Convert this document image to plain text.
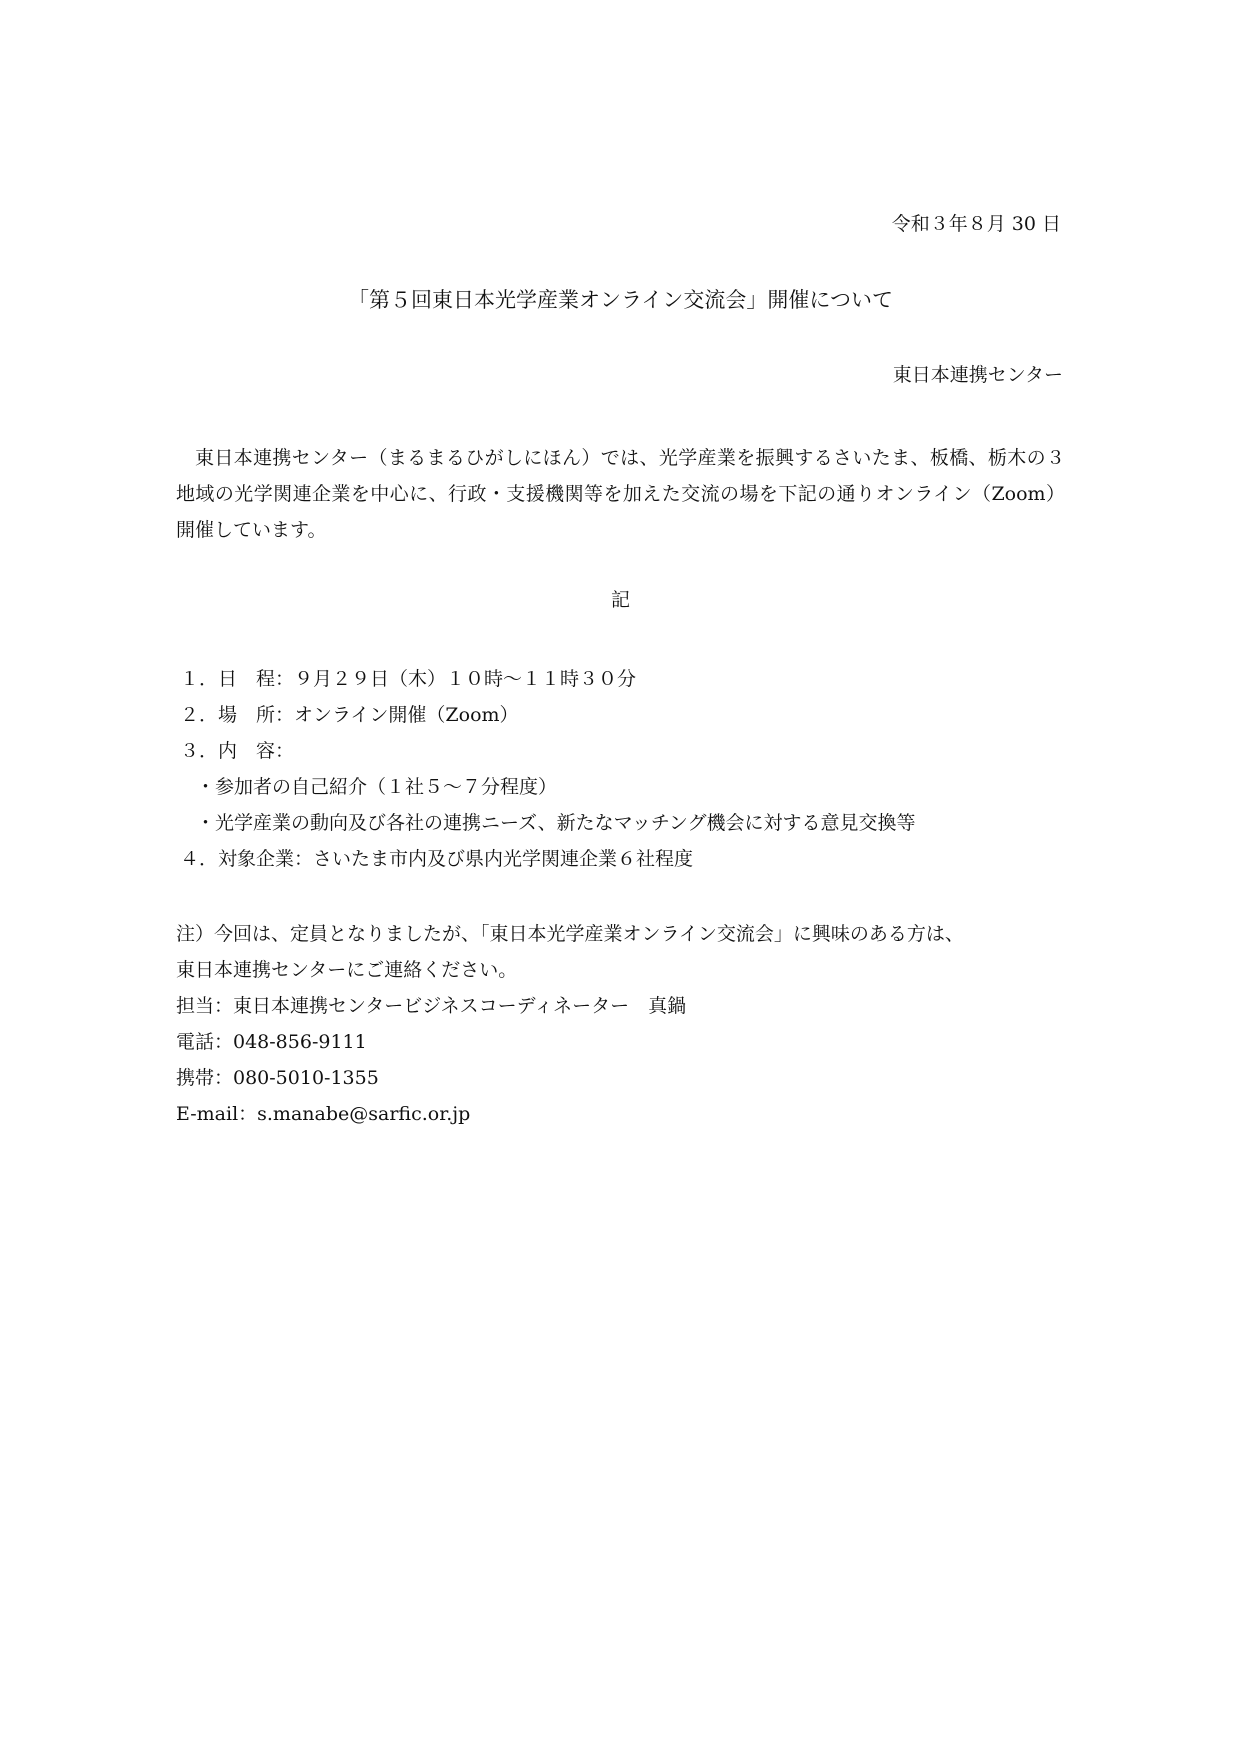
令和３年８月 30 日
「第５回東日本光学産業オンライン交流会」開催について
東日本連携センター
東日本連携センター（まるまるひがしにほん）では、光学産業を振興するさいたま、板橋、栃木の３地域の光学関連企業を中心に、行政・支援機関等を加えた交流の場を下記の通りオンライン（Zoom）開催しています。
記
１．日　程：９月２９日（木）１０時～１１時３０分
２．場　所：オンライン開催（Zoom）
３．内　容：
・参加者の自己紹介（１社５～７分程度）
・光学産業の動向及び各社の連携ニーズ、新たなマッチング機会に対する意見交換等
４．対象企業：さいたま市内及び県内光学関連企業６社程度
注）今回は、定員となりましたが、「東日本光学産業オンライン交流会」に興味のある方は、
東日本連携センターにご連絡ください。
担当：東日本連携センタービジネスコーディネーター　真鍋
電話：048-856-9111
携帯：080-5010-1355
E-mail：s.manabe@sarfic.or.jp
